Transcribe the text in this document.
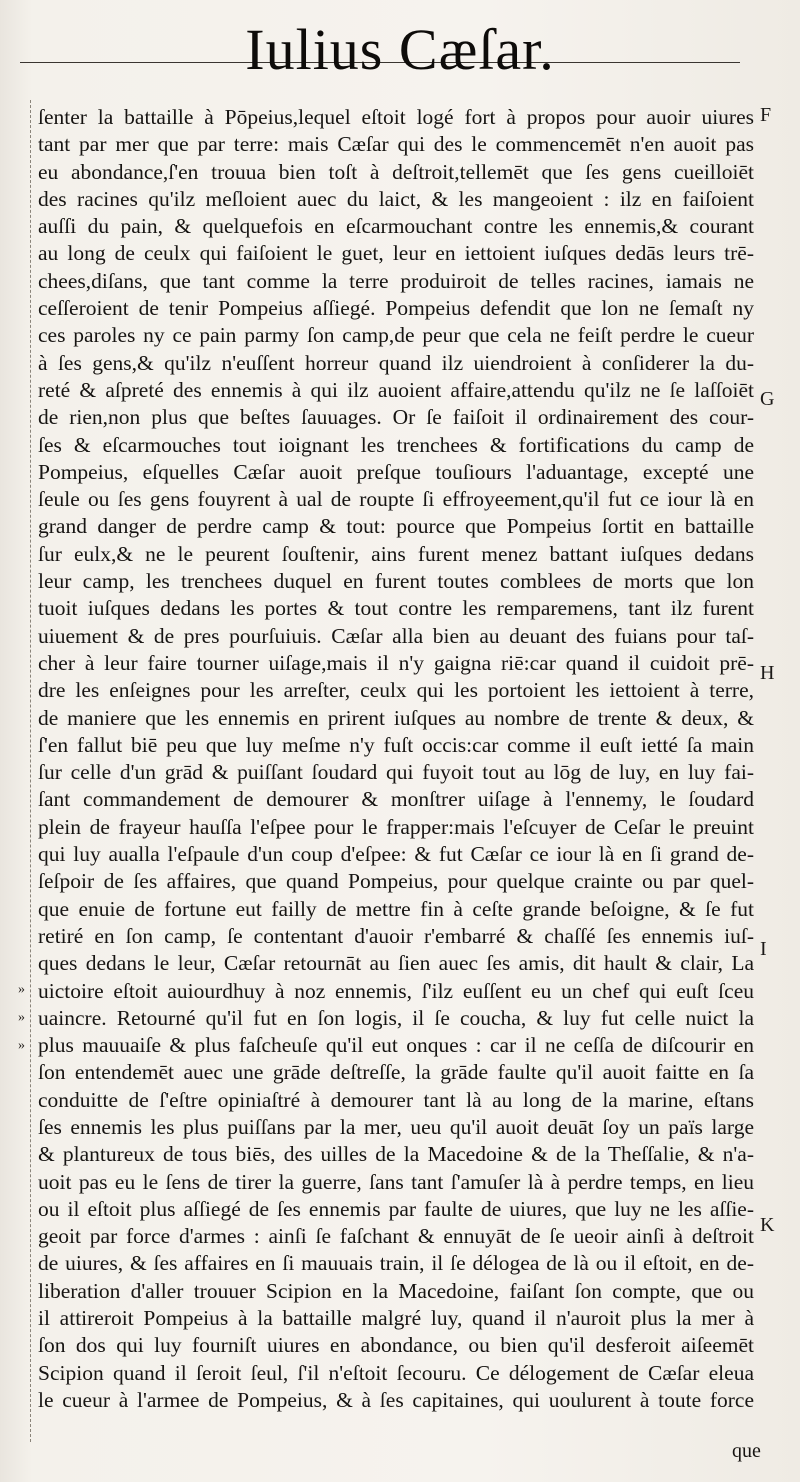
Iulius Cæſar.
ſenter la battaille à Pōpeius,lequel eſtoit logé fort à propos pour auoir uiures
tant par mer que par terre: mais Cæſar qui des le commencemēt n'en auoit pas
eu abondance,ſ'en trouua bien toſt à deſtroit,tellemēt que ſes gens cueilloiēt
des racines qu'ilz meſloient auec du laict, & les mangeoient : ilz en faiſoient
auſſi du pain, & quelquefois en eſcarmouchant contre les ennemis,& courant
au long de ceulx qui faiſoient le guet, leur en iettoient iuſques dedās leurs trē-
chees,diſans, que tant comme la terre produiroit de telles racines, iamais ne
ceſſeroient de tenir Pompeius aſſiegé. Pompeius defendit que lon ne ſemaſt ny
ces paroles ny ce pain parmy ſon camp,de peur que cela ne feiſt perdre le cueur
à ſes gens,& qu'ilz n'euſſent horreur quand ilz uiendroient à conſiderer la du-
reté & aſpreté des ennemis à qui ilz auoient affaire,attendu qu'ilz ne ſe laſſoiēt
de rien,non plus que beſtes ſauuages. Or ſe faiſoit il ordinairement des cour-
ſes & eſcarmouches tout ioignant les trenchees & fortifications du camp de
Pompeius, eſquelles Cæſar auoit preſque touſiours l'aduantage, excepté une
ſeule ou ſes gens fouyrent à ual de roupte ſi effroyeement,qu'il fut ce iour là en
grand danger de perdre camp & tout: pource que Pompeius ſortit en battaille
ſur eulx,& ne le peurent ſouſtenir, ains furent menez battant iuſques dedans
leur camp, les trenchees duquel en furent toutes comblees de morts que lon
tuoit iuſques dedans les portes & tout contre les remparemens, tant ilz furent
uiuement & de pres pourſuiuis. Cæſar alla bien au deuant des fuians pour taſ-
cher à leur faire tourner uiſage,mais il n'y gaigna riē:car quand il cuidoit prē-
dre les enſeignes pour les arreſter, ceulx qui les portoient les iettoient à terre,
de maniere que les ennemis en prirent iuſques au nombre de trente & deux, &
ſ'en fallut biē peu que luy meſme n'y fuſt occis:car comme il euſt ietté ſa main
ſur celle d'un grād & puiſſant ſoudard qui fuyoit tout au lōg de luy, en luy fai-
ſant commandement de demourer & monſtrer uiſage à l'ennemy, le ſoudard
plein de frayeur hauſſa l'eſpee pour le frapper:mais l'eſcuyer de Ceſar le preuint
qui luy aualla l'eſpaule d'un coup d'eſpee: & fut Cæſar ce iour là en ſi grand de-
ſeſpoir de ſes affaires, que quand Pompeius, pour quelque crainte ou par quel-
que enuie de fortune eut failly de mettre fin à ceſte grande beſoigne, & ſe fut
retiré en ſon camp, ſe contentant d'auoir r'embarré & chaſſé ſes ennemis iuſ-
ques dedans le leur, Cæſar retournāt au ſien auec ſes amis, dit hault & clair, La
uictoire eſtoit auiourdhuy à noz ennemis, ſ'ilz euſſent eu un chef qui euſt ſceu
uaincre. Retourné qu'il fut en ſon logis, il ſe coucha, & luy fut celle nuict la
plus mauuaiſe & plus faſcheuſe qu'il eut onques : car il ne ceſſa de diſcourir en
ſon entendemēt auec une grāde deſtreſſe, la grāde faulte qu'il auoit faitte en ſa
conduitte de ſ'eſtre opiniaſtré à demourer tant là au long de la marine, eſtans
ſes ennemis les plus puiſſans par la mer, ueu qu'il auoit deuāt ſoy un païs large
& plantureux de tous biēs, des uilles de la Macedoine & de la Theſſalie, & n'a-
uoit pas eu le ſens de tirer la guerre, ſans tant ſ'amuſer là à perdre temps, en lieu
ou il eſtoit plus aſſiegé de ſes ennemis par faulte de uiures, que luy ne les aſſie-
geoit par force d'armes : ainſi ſe faſchant & ennuyāt de ſe ueoir ainſi à deſtroit
de uiures, & ſes affaires en ſi mauuais train, il ſe délogea de là ou il eſtoit, en de-
liberation d'aller trouuer Scipion en la Macedoine, faiſant ſon compte, que ou
il attireroit Pompeius à la battaille malgré luy, quand il n'auroit plus la mer à
ſon dos qui luy fourniſt uiures en abondance, ou bien qu'il desferoit aiſeemēt
Scipion quand il ſeroit ſeul, ſ'il n'eſtoit ſecouru. Ce délogement de Cæſar eleua
le cueur à l'armee de Pompeius, & à ſes capitaines, qui uoulurent à toute force
F
G
H
I
K
»
»
»
que
